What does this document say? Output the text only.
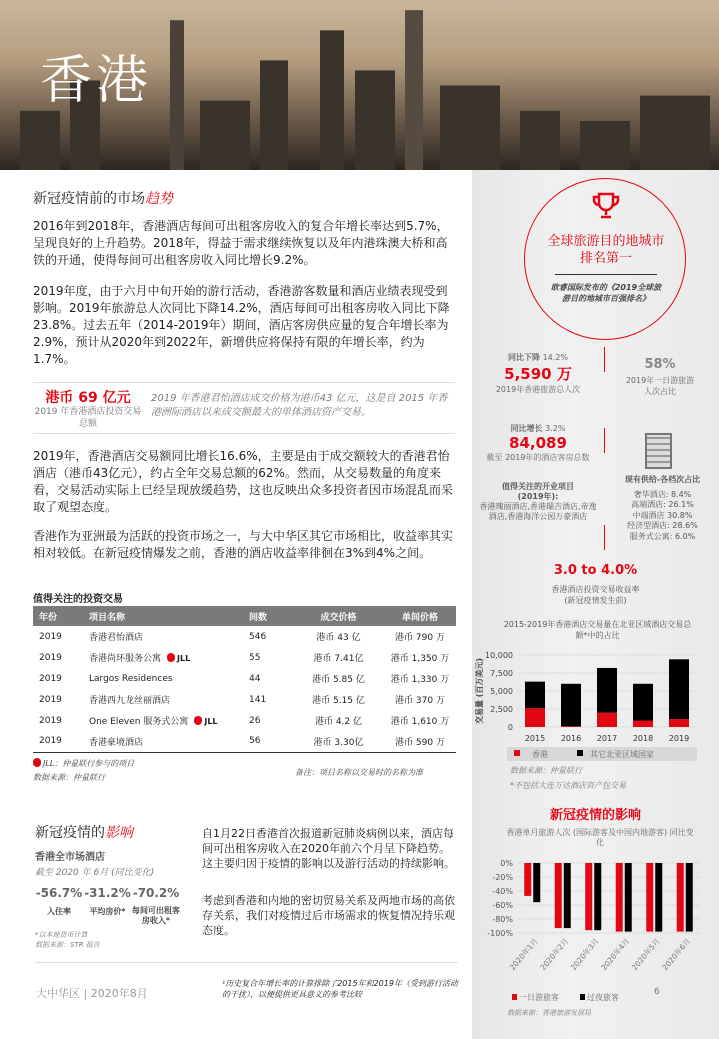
香港
新冠疫情前的市场趋势
2016年到2018年，香港酒店每间可出租客房收入的复合年增长率达到5.7%，呈现良好的上升趋势。2018年，得益于需求继续恢复以及年内港珠澳大桥和高铁的开通，使得每间可出租客房收入同比增长9.2%。
2019年度，由于六月中旬开始的游行活动，香港游客数量和酒店业绩表现受到影响。2019年旅游总人次同比下降14.2%，酒店每间可出租客房收入同比下降23.8%。过去五年（2014-2019年）期间，酒店客房供应量的复合年增长率为2.9%，预计从2020年到2022年，新增供应将保持有限的年增长率，约为1.7%。
港币 69 亿元
2019 年香港酒店投资交易总额
2019 年香港君怡酒店成交价格为港币43 亿元，这是自 2015 年香港洲际酒店以来成交额最大的单体酒店资产交易。
2019年，香港酒店交易额同比增长16.6%，主要是由于成交额较大的香港君怡酒店（港币43亿元），约占全年交易总额的62%。然而，从交易数量的角度来看，交易活动实际上已经呈现放缓趋势，这也反映出众多投资者因市场混乱而采取了观望态度。
香港作为亚洲最为活跃的投资市场之一，与大中华区其它市场相比，收益率其实相对较低。在新冠疫情爆发之前，香港的酒店收益率徘徊在3%到4%之间。
值得关注的投资交易
年份	项目名称	间数	成交价格	单间价格
2019	香港君怡酒店	546	港币 43 亿	港币 790 万
2019	香港尚环服务公寓 JLL	55	港币 7.41亿	港币 1,350 万
2019	Largos Residences	44	港币 5.85 亿	港币 1,330 万
2019	香港西九龙丝丽酒店	141	港币 5.15 亿	港币 370 万
2019	One Eleven 服务式公寓 JLL	26	港币 4.2 亿	港币 1,610 万
2019	香港豪境酒店	56	港币 3.30亿	港币 590 万
JLL：仲量联行参与的项目
数据来源：仲量联行
备注：项目名称以交易时的名称为准
新冠疫情的影响
香港全市场酒店
截至 2020 年 6月 (同比变化)
-56.7%
入住率
-31.2%
平均房价*
-70.2%
每间可出租客房收入*
*以本地货币计算
数据来源：STR 报告
自1月22日香港首次报道新冠肺炎病例以来，酒店每间可出租客房收入在2020年前六个月呈下降趋势。这主要归因于疫情的影响以及游行活动的持续影响。
考虑到香港和内地的密切贸易关系及两地市场的高依存关系，我们对疫情过后市场需求的恢复情况持乐观态度。
大中华区 | 2020年8月
¹历史复合年增长率的计算排除了2015年和2019年（受到游行活动的干扰），以便提供更具意义的参考比较
全球旅游目的地城市排名第一
欧睿国际发布的《2019全球旅游目的地城市百强排名》
同比下降 14.2%
5,590 万
2019年香港旅游总人次
58%
2019年一日游旅游人次占比
同比增长 3.2%
84,089
截至 2019年的酒店客房总数
值得关注的开业项目
(2019年):
香港瑰丽酒店,香港瑞吉酒店,帝逸酒店,香港海洋公园万豪酒店
现有供给-各档次占比
奢华酒店: 8.4%
高端酒店: 26.1%
中端酒店 30.8%
经济型酒店: 28.6%
服务式公寓: 6.0%
3.0 to 4.0%
香港酒店投资交易收益率
(新冠疫情发生前)
2015-2019年香港酒店交易量在北亚区域酒店交易总额*中的占比
0
2,500
5,000
7,500
10,000
交易量 (百万美元)
2015 2016 2017 2018 2019
香港	其它北亚区域国家
数据来源：仲量联行
*不包括大连万达酒店资产包交易
新冠疫情的影响
香港单月旅游人次 (国际游客及中国内地游客) 同比变化
0%
-20%
-40%
-60%
-80%
-100%
2020年1月
2020年2月
2020年3月
2020年4月
2020年5月
2020年6月
一日游旅客	过夜旅客
数据来源：香港旅游发展局
6
